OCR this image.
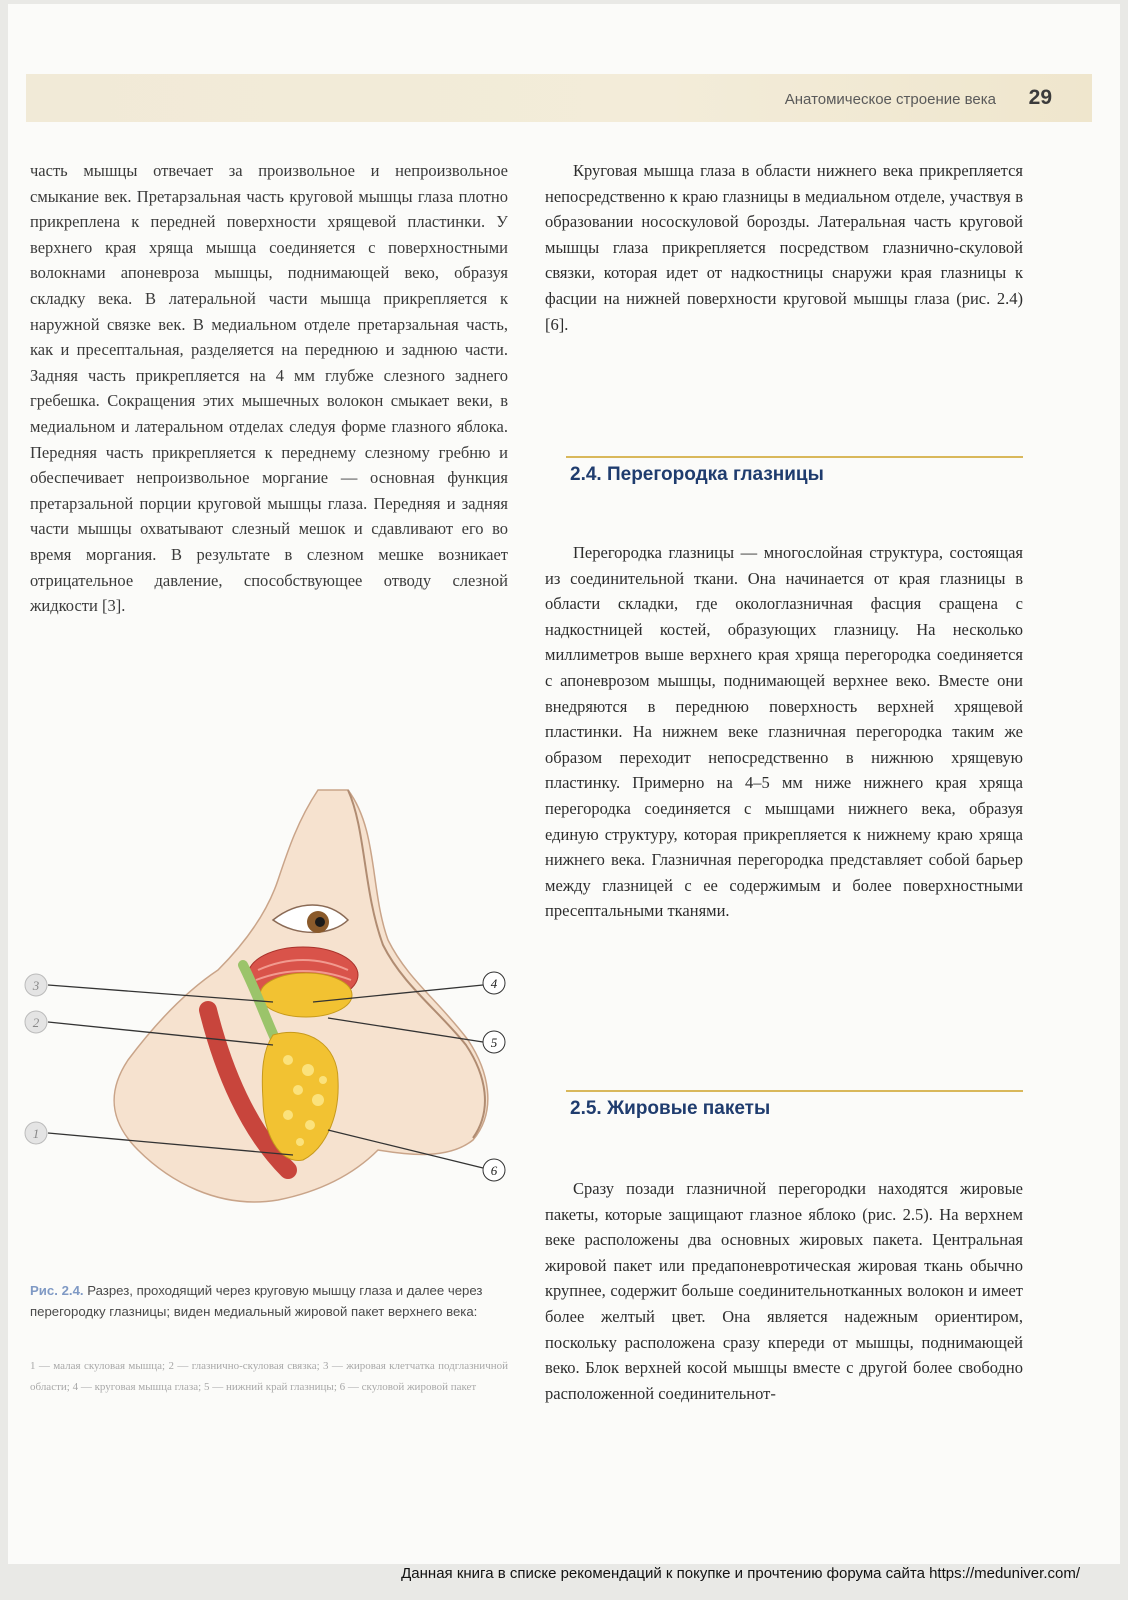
Анатомическое строение века 29

часть мышцы отвечает за произвольное и непроизвольное смыкание век. Претарзальная часть круговой мышцы глаза плотно прикреплена к передней поверхности хрящевой пластинки. У верхнего края хряща мышца соединяется с поверхностными волокнами апоневроза мышцы, поднимающей веко, образуя складку века. В латеральной части мышца прикрепляется к наружной связке век. В медиальном отделе претарзальная часть, как и пресептальная, разделяется на переднюю и заднюю части. Задняя часть прикрепляется на 4 мм глубже слезного заднего гребешка. Сокращения этих мышечных волокон смыкает веки, в медиальном и латеральном отделах следуя форме глазного яблока. Передняя часть прикрепляется к переднему слезному гребню и обеспечивает непроизвольное моргание — основная функция претарзальной порции круговой мышцы глаза. Передняя и задняя части мышцы охватывают слезный мешок и сдавливают его во время моргания. В результате в слезном мешке возникает отрицательное давление, способствующее отводу слезной жидкости [3].

Круговая мышца глаза в области нижнего века прикрепляется непосредственно к краю глазницы в медиальном отделе, участвуя в образовании нососкуловой борозды. Латеральная часть круговой мышцы глаза прикрепляется посредством глазнично-скуловой связки, которая идет от надкостницы снаружи края глазницы к фасции на нижней поверхности круговой мышцы глаза (рис. 2.4) [6].

2.4. Перегородка глазницы

Перегородка глазницы — многослойная структура, состоящая из соединительной ткани. Она начинается от края глазницы в области складки, где окологлазничная фасция сращена с надкостницей костей, образующих глазницу. На несколько миллиметров выше верхнего края хряща перегородка соединяется с апоневрозом мышцы, поднимающей верхнее веко. Вместе они внедряются в переднюю поверхность верхней хрящевой пластинки. На нижнем веке глазничная перегородка таким же образом переходит непосредственно в нижнюю хрящевую пластинку. Примерно на 4–5 мм ниже нижнего края хряща перегородка соединяется с мышцами нижнего века, образуя единую структуру, которая прикрепляется к нижнему краю хряща нижнего века. Глазничная перегородка представляет собой барьер между глазницей с ее содержимым и более поверхностными пресептальными тканями.

2.5. Жировые пакеты

Сразу позади глазничной перегородки находятся жировые пакеты, которые защищают глазное яблоко (рис. 2.5). На верхнем веке расположены два основных жировых пакета. Центральная жировой пакет или предапоневротическая жировая ткань обычно крупнее, содержит больше соединительнотканных волокон и имеет более желтый цвет. Она является надежным ориентиром, поскольку расположена сразу кпереди от мышцы, поднимающей веко. Блок верхней косой мышцы вместе с другой более свободно расположенной соединительнот-

3
2
1
4
5
6
Рис. 2.4. Разрез, проходящий через круговую мышцу глаза и далее через перегородку глазницы; виден медиальный жировой пакет верхнего века:
1 — малая скуловая мышца; 2 — глазнично-скуловая связка; 3 — жировая клетчатка подглазничной области; 4 — круговая мышца глаза; 5 — нижний край глазницы; 6 — скуловой жировой пакет
Данная книга в списке рекомендаций к покупке и прочтению форума сайта https://meduniver.com/
